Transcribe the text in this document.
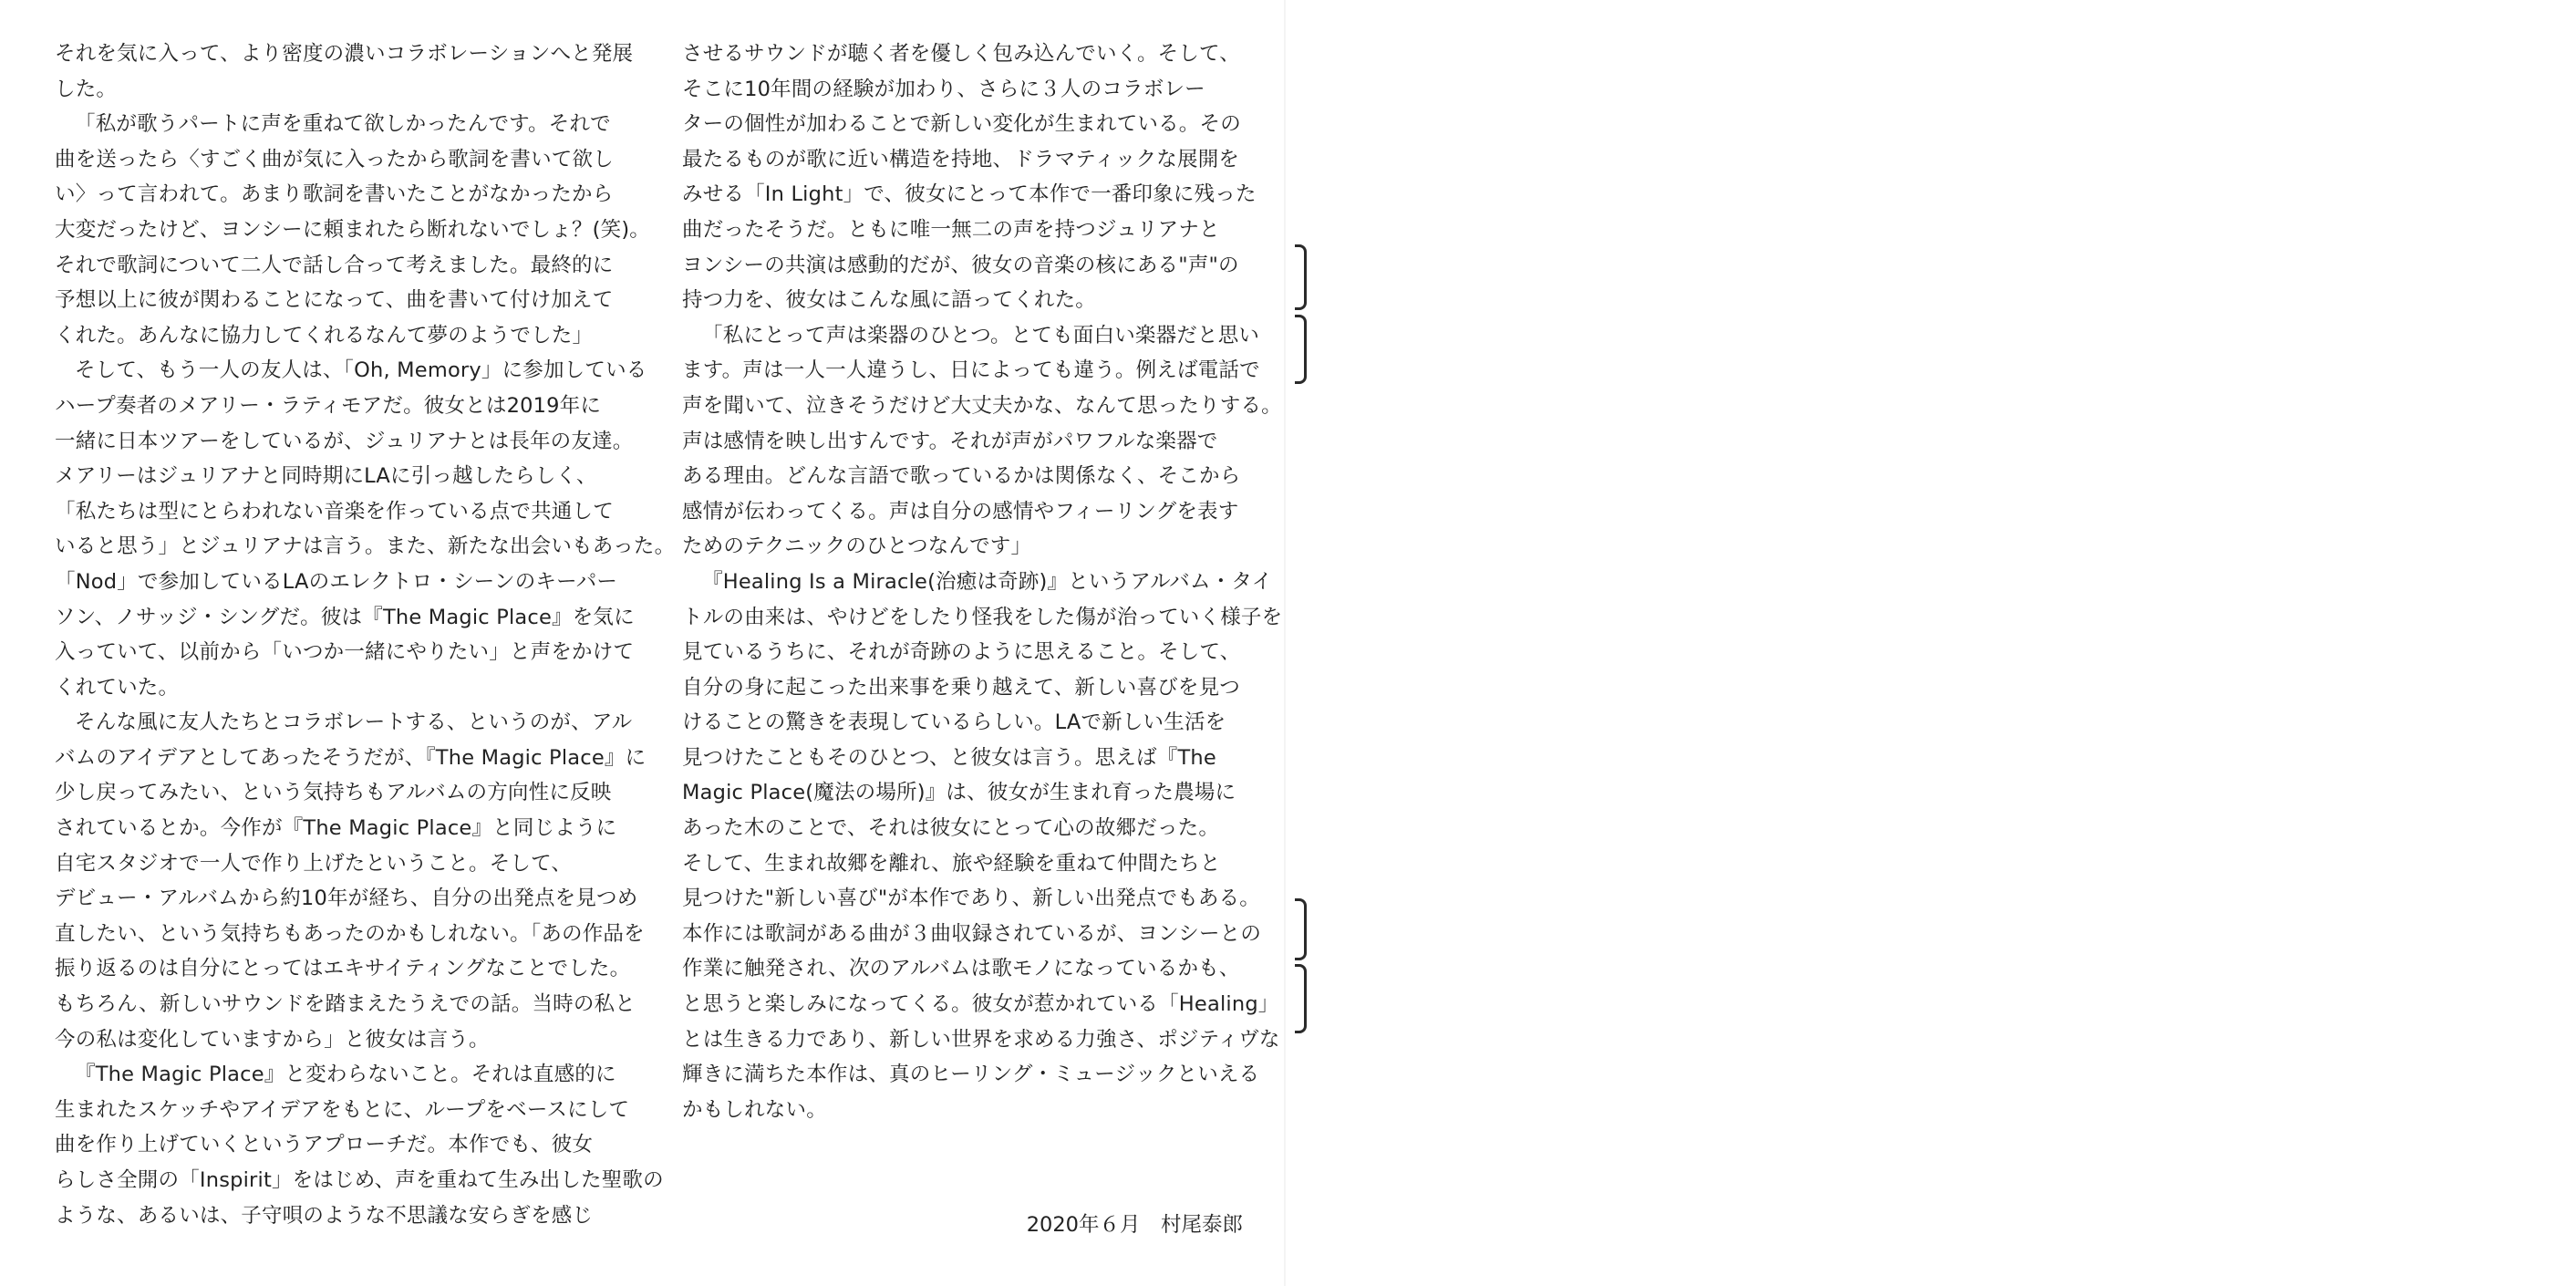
それを気に入って、より密度の濃いコラボレーションへと発展
した。
「私が歌うパートに声を重ねて欲しかったんです。それで
曲を送ったら〈すごく曲が気に入ったから歌詞を書いて欲し
い〉って言われて。あまり歌詞を書いたことがなかったから
大変だったけど、ヨンシーに頼まれたら断れないでしょ？(笑)。
それで歌詞について二人で話し合って考えました。最終的に
予想以上に彼が関わることになって、曲を書いて付け加えて
くれた。あんなに協力してくれるなんて夢のようでした」
そして、もう一人の友人は、「Oh, Memory」に参加している
ハープ奏者のメアリー・ラティモアだ。彼女とは2019年に
一緒に日本ツアーをしているが、ジュリアナとは長年の友達。
メアリーはジュリアナと同時期にLAに引っ越したらしく、
「私たちは型にとらわれない音楽を作っている点で共通して
いると思う」とジュリアナは言う。また、新たな出会いもあった。
「Nod」で参加しているLAのエレクトロ・シーンのキーパー
ソン、ノサッジ・シングだ。彼は『The Magic Place』を気に
入っていて、以前から「いつか一緒にやりたい」と声をかけて
くれていた。
そんな風に友人たちとコラボレートする、というのが、アル
バムのアイデアとしてあったそうだが、『The Magic Place』に
少し戻ってみたい、という気持ちもアルバムの方向性に反映
されているとか。今作が『The Magic Place』と同じように
自宅スタジオで一人で作り上げたということ。そして、
デビュー・アルバムから約10年が経ち、自分の出発点を見つめ
直したい、という気持ちもあったのかもしれない。「あの作品を
振り返るのは自分にとってはエキサイティングなことでした。
もちろん、新しいサウンドを踏まえたうえでの話。当時の私と
今の私は変化していますから」と彼女は言う。
『The Magic Place』と変わらないこと。それは直感的に
生まれたスケッチやアイデアをもとに、ループをベースにして
曲を作り上げていくというアプローチだ。本作でも、彼女
らしさ全開の「Inspirit」をはじめ、声を重ねて生み出した聖歌の
ような、あるいは、子守唄のような不思議な安らぎを感じ
させるサウンドが聴く者を優しく包み込んでいく。そして、
そこに10年間の経験が加わり、さらに３人のコラボレー
ターの個性が加わることで新しい変化が生まれている。その
最たるものが歌に近い構造を持地、ドラマティックな展開を
みせる「In Light」で、彼女にとって本作で一番印象に残った
曲だったそうだ。ともに唯一無二の声を持つジュリアナと
ヨンシーの共演は感動的だが、彼女の音楽の核にある"声"の
持つ力を、彼女はこんな風に語ってくれた。
「私にとって声は楽器のひとつ。とても面白い楽器だと思い
ます。声は一人一人違うし、日によっても違う。例えば電話で
声を聞いて、泣きそうだけど大丈夫かな、なんて思ったりする。
声は感情を映し出すんです。それが声がパワフルな楽器で
ある理由。どんな言語で歌っているかは関係なく、そこから
感情が伝わってくる。声は自分の感情やフィーリングを表す
ためのテクニックのひとつなんです」
『Healing Is a Miracle(治癒は奇跡)』というアルバム・タイ
トルの由来は、やけどをしたり怪我をした傷が治っていく様子を
見ているうちに、それが奇跡のように思えること。そして、
自分の身に起こった出来事を乗り越えて、新しい喜びを見つ
けることの驚きを表現しているらしい。LAで新しい生活を
見つけたこともそのひとつ、と彼女は言う。思えば『The
Magic Place(魔法の場所)』は、彼女が生まれ育った農場に
あった木のことで、それは彼女にとって心の故郷だった。
そして、生まれ故郷を離れ、旅や経験を重ねて仲間たちと
見つけた"新しい喜び"が本作であり、新しい出発点でもある。
本作には歌詞がある曲が３曲収録されているが、ヨンシーとの
作業に触発され、次のアルバムは歌モノになっているかも、
と思うと楽しみになってくる。彼女が惹かれている「Healing」
とは生きる力であり、新しい世界を求める力強さ、ポジティヴな
輝きに満ちた本作は、真のヒーリング・ミュージックといえる
かもしれない。
2020年６月　村尾泰郎
